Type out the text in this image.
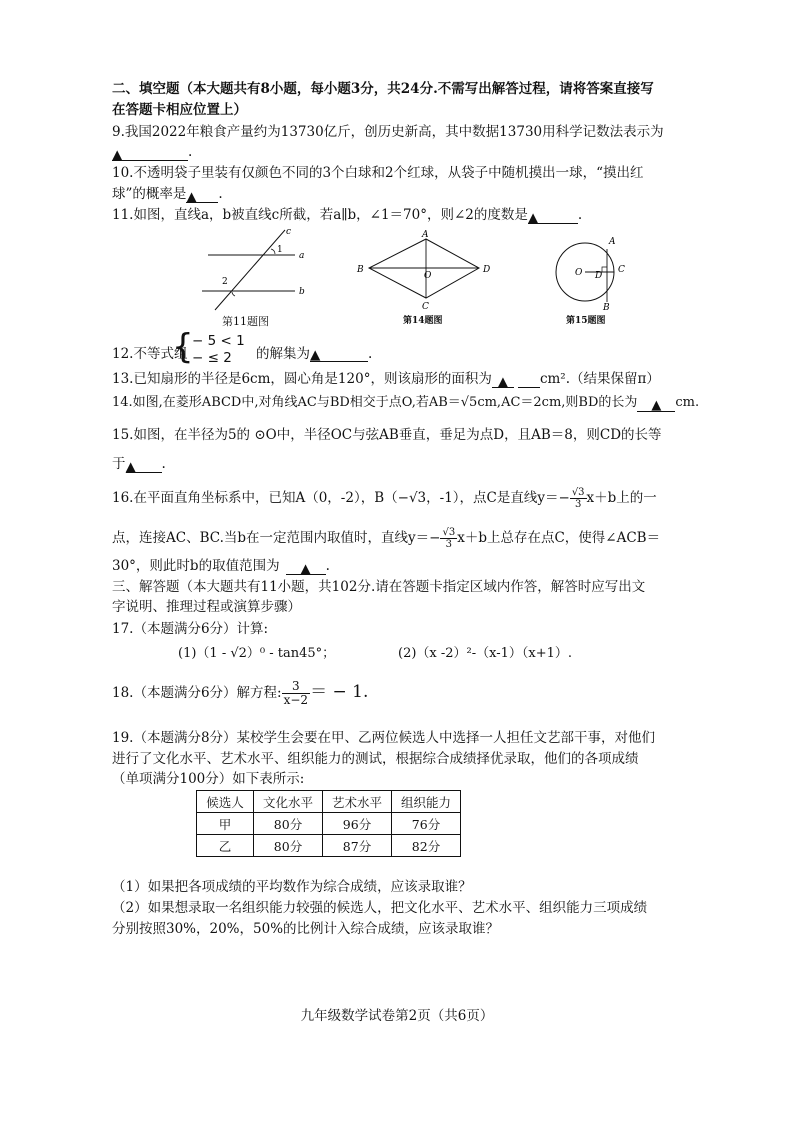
二、填空题（本大题共有8小题，每小题3分，共24分.不需写出解答过程，请将答案直接写
在答题卡相应位置上）
9.我国2022年粮食产量约为13730亿斤，创历史新高，其中数据13730用科学记数法表示为
▲	.
10.不透明袋子里装有仅颜色不同的3个白球和2个红球，从袋子中随机摸出一球，“摸出红
球”的概率是▲ .
11.如图，直线a，b被直线c所截，若a∥b，∠1＝70°，则∠2的度数是▲	.
c
a
b
1
2
第11题图
A
B
C
D
O
第14题图
A
B
C
D
O
第15题图
12.不等式组
{
− 5 < 1
− ≤ 2 的解集为▲	.
13.已知扇形的半径是6cm，圆心角是120°，则该扇形的面积为 ▲ cm².（结果保留π）
14.如图,在菱形ABCD中,对角线AC与BD相交于点O,若AB＝√5cm,AC＝2cm,则BD的长为 ▲ cm.
15.如图，在半径为5的 ⊙O中，半径OC与弦AB垂直，垂足为点D，且AB＝8，则CD的长等
于▲ .
16.在平面直角坐标系中，已知A（0，-2），B（−√3，-1），点C是直线$y=- \frac{√3}{3} x+b$上的一
点，连接AC、BC.当b在一定范围内取值时，直线$y=- \frac{√3}{3} x+b$上总存在点C，使得∠ACB＝
30°，则此时b的取值范围为 ▲ .
三、解答题（本大题共有11小题，共102分.请在答题卡指定区域内作答，解答时应写出文
字说明、推理过程或演算步骤）
17.（本题满分6分）计算:
(1)（1 - √2）⁰ - tan45°；	(2)（x -2）²-（x-1）（x+1）.
18.（本题满分6分）解方程: $\frac{3}{x-2}$ ＝ − 1.
19.（本题满分8分）某校学生会要在甲、乙两位候选人中选择一人担任文艺部干事，对他们
进行了文化水平、艺术水平、组织能力的测试，根据综合成绩择优录取，他们的各项成绩
（单项满分100分）如下表所示:
候选人	文化水平	艺术水平	组织能力
甲	80分	96分	76分
乙	80分	87分	82分
（1）如果把各项成绩的平均数作为综合成绩，应该录取谁？
（2）如果想录取一名组织能力较强的候选人，把文化水平、艺术水平、组织能力三项成绩
分别按照30%，20%，50%的比例计入综合成绩，应该录取谁？
九年级数学试卷第2页（共6页）
